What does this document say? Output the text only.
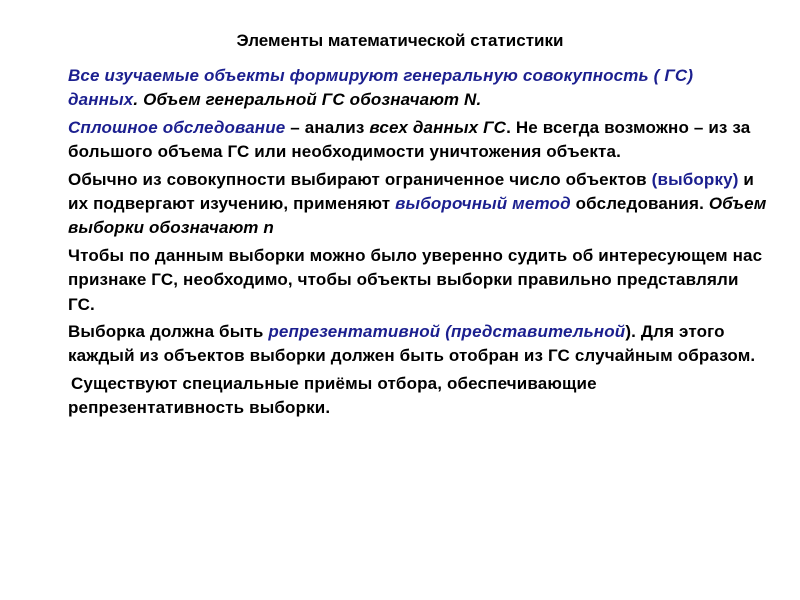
Элементы математической статистики

Все изучаемые объекты формируют генеральную совокупность ( ГС) данных. Объем генеральной ГС обозначают N.

Сплошное обследование – анализ всех данных ГС. Не всегда возможно – из за большого объема ГС или необходимости уничтожения объекта.

Обычно из совокупности выбирают ограниченное число объектов (выборку) и их подвергают изучению, применяют выборочный метод обследования. Объем выборки обозначают n

Чтобы по данным выборки можно было уверенно судить об интересующем нас признаке ГС, необходимо, чтобы объекты выборки правильно представляли ГС.

Выборка должна быть репрезентативной (представительной). Для этого каждый из объектов выборки должен быть отобран из ГС случайным образом.

Существуют специальные приёмы отбора, обеспечивающие репрезентативность выборки.
